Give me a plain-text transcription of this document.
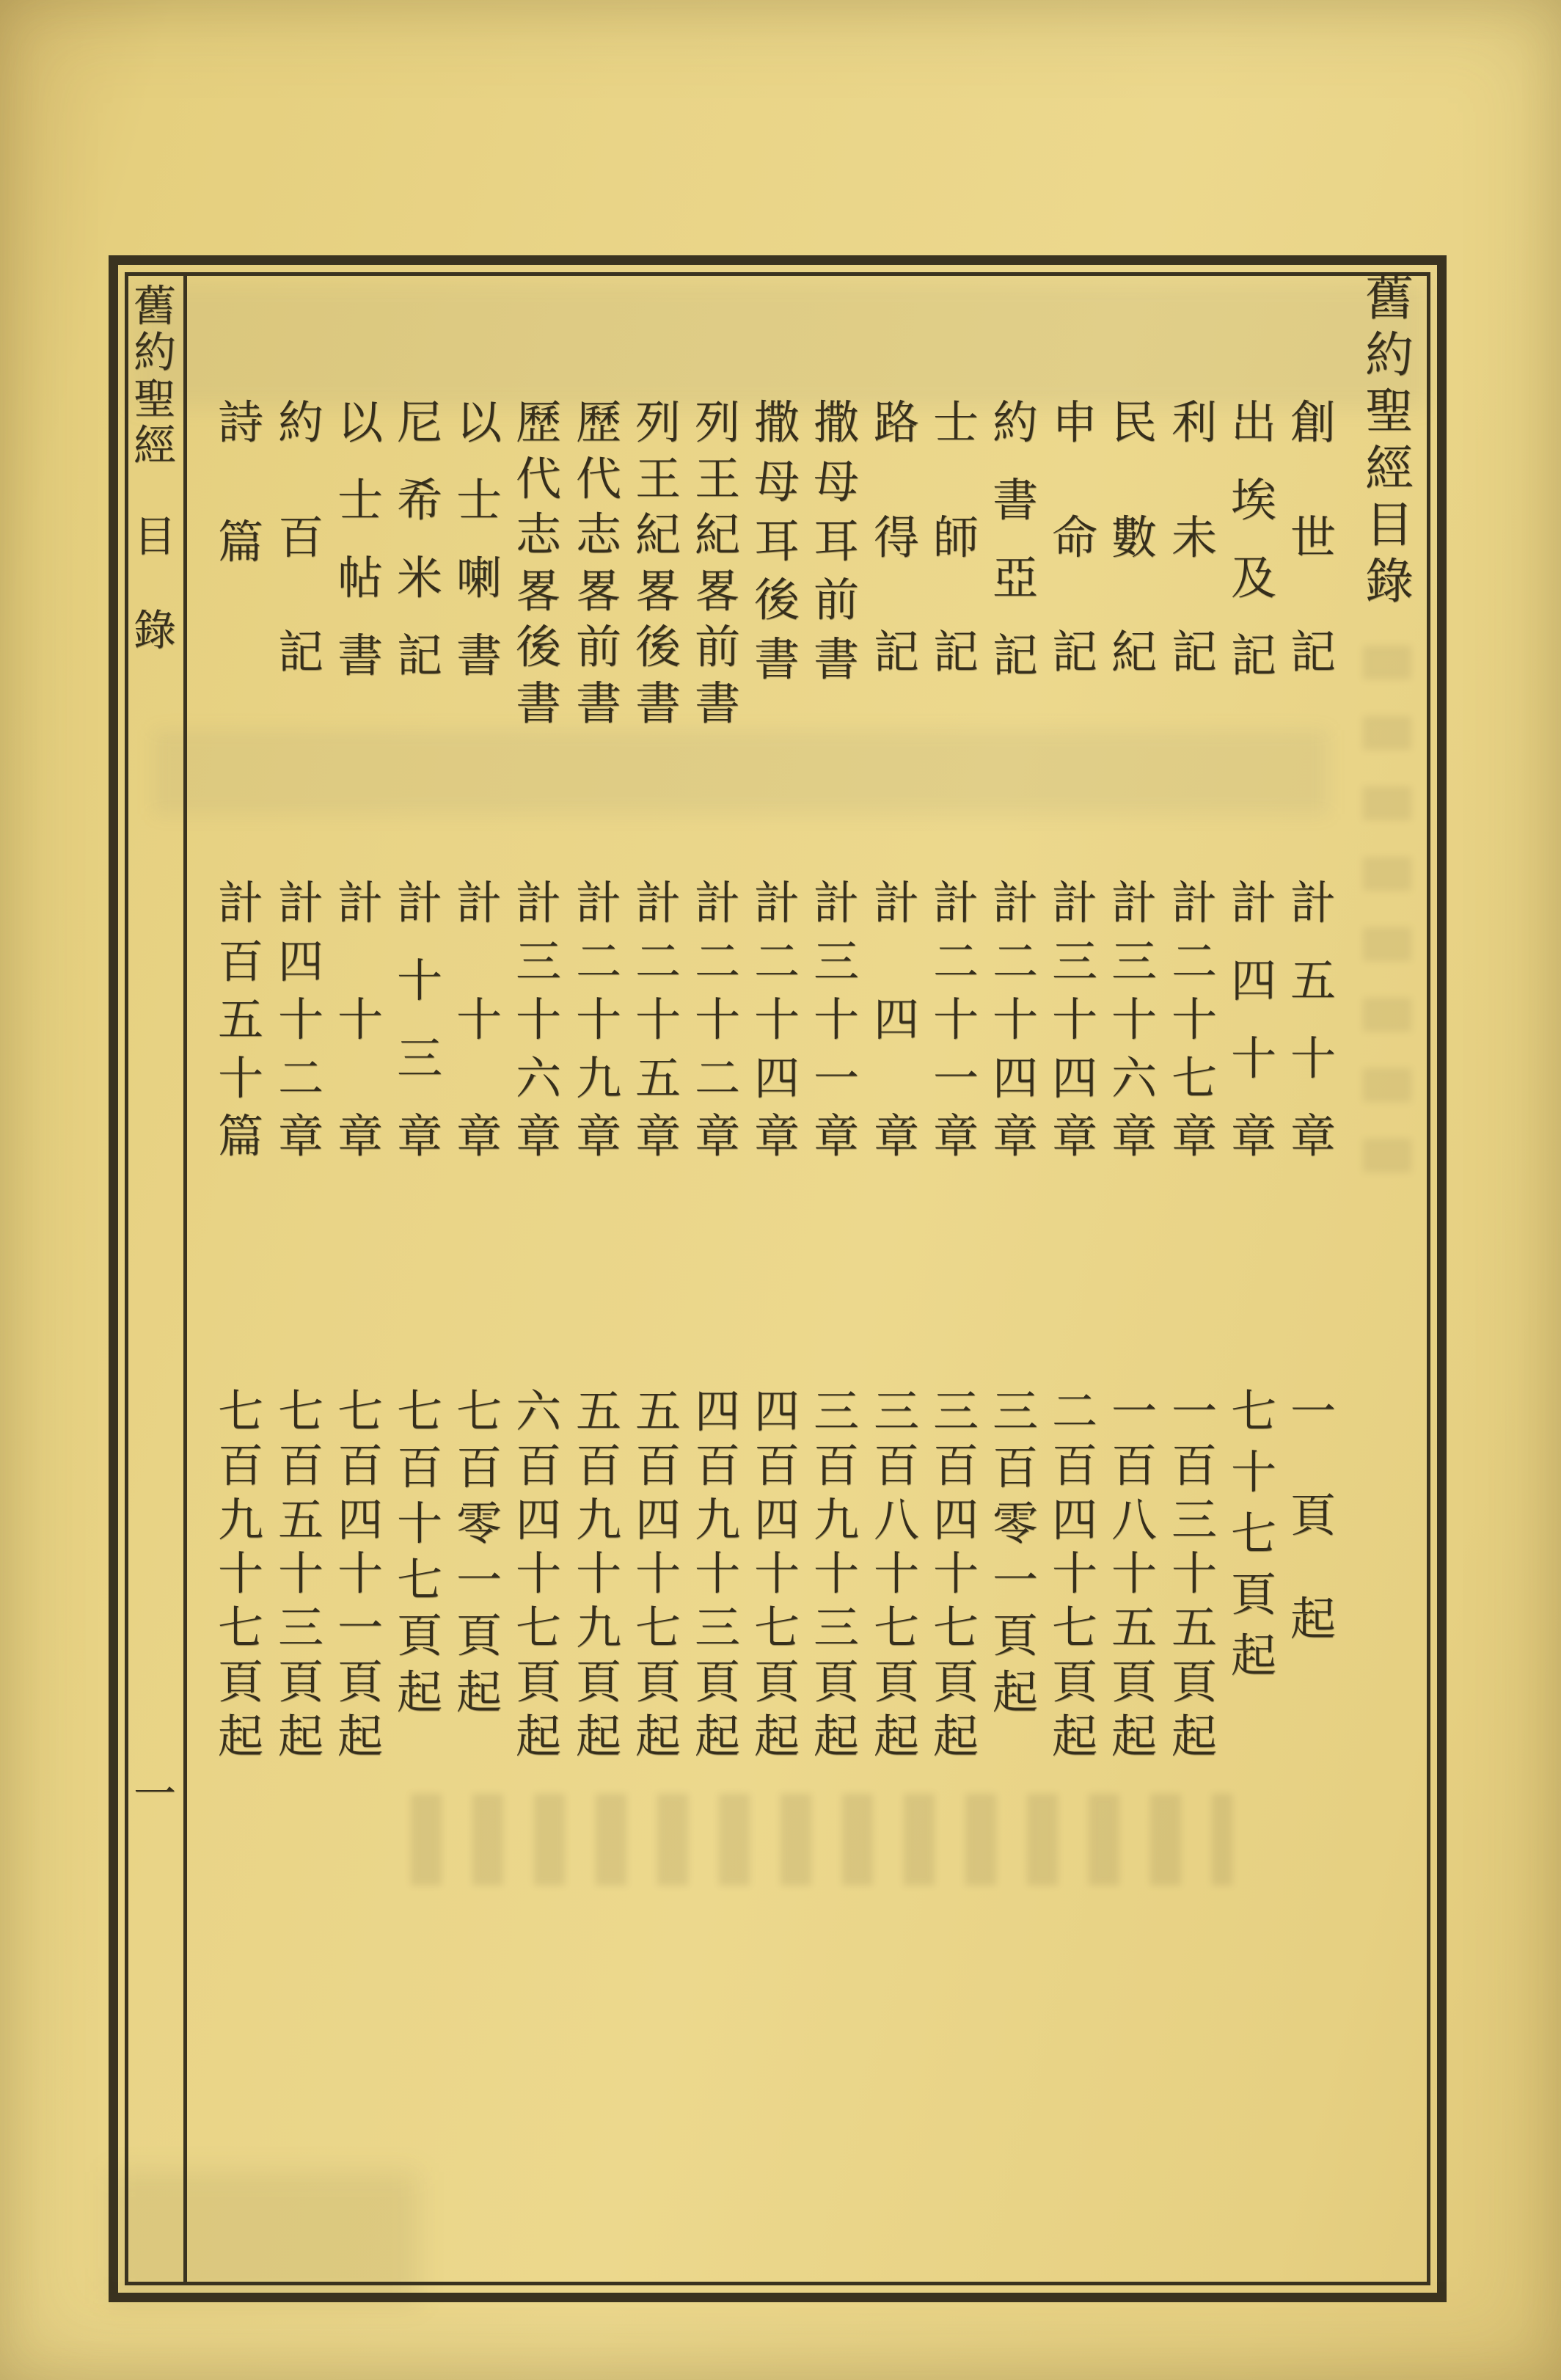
舊
約
聖
經
目
錄
一
舊
約
聖
經
目
錄
創
世
記
計
五
十
章
一
頁
起
出
埃
及
記
計
四
十
章
七
十
七
頁
起
利
未
記
計
二
十
七
章
一
百
三
十
五
頁
起
民
數
紀
計
三
十
六
章
一
百
八
十
五
頁
起
申
命
記
計
三
十
四
章
二
百
四
十
七
頁
起
約
書
亞
記
計
二
十
四
章
三
百
零
一
頁
起
士
師
記
計
二
十
一
章
三
百
四
十
七
頁
起
路
得
記
計
四
章
三
百
八
十
七
頁
起
撒
母
耳
前
書
計
三
十
一
章
三
百
九
十
三
頁
起
撒
母
耳
後
書
計
二
十
四
章
四
百
四
十
七
頁
起
列
王
紀
畧
前
書
計
二
十
二
章
四
百
九
十
三
頁
起
列
王
紀
畧
後
書
計
二
十
五
章
五
百
四
十
七
頁
起
歷
代
志
畧
前
書
計
二
十
九
章
五
百
九
十
九
頁
起
歷
代
志
畧
後
書
計
三
十
六
章
六
百
四
十
七
頁
起
以
士
喇
書
計
十
章
七
百
零
一
頁
起
尼
希
米
記
計
十
三
章
七
百
十
七
頁
起
以
士
帖
書
計
十
章
七
百
四
十
一
頁
起
約
百
記
計
四
十
二
章
七
百
五
十
三
頁
起
詩
篇
計
百
五
十
篇
七
百
九
十
七
頁
起
